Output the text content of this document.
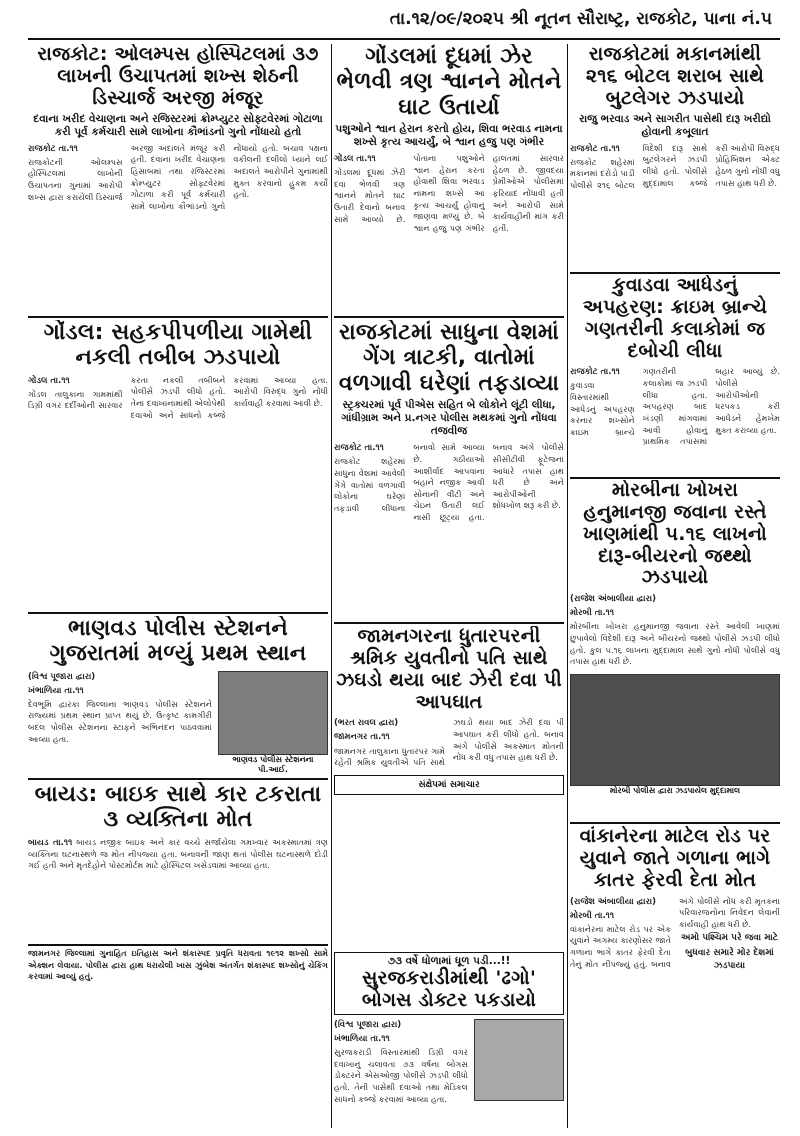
તા.૧૨/૦૯/૨૦૨૫ શ્રી નૂતન સૌરાષ્ટ્ર, રાજકોટ, પાના નં.૫
રાજકોટ: ઓલમ્પસ હોસ્પિટલમાં ૩૭ લાખની ઉચાપતમાં શખ્સ શેઠની ડિસ્ચાર્જ અરજી મંજૂર
દવાના ખરીદ વેચાણના અને રજિસ્ટરમાં ક્રોમ્પ્યુટર સોફ્ટવેરમાં ગોટાળા કરી પૂર્વ કર્મચારી સામે લાખોના કૌભાંડનો ગુનો નોંધાયો હતો
રાજકોટ તા.૧૧
રાજકોટની ઓલમ્પસ હોસ્પિટલમાં લાખોની ઉચાપતના ગુનામાં આરોપી શખ્સ દ્વારા કરાયેલી ડિસ્ચાર્જ અરજી અદાલતે મંજૂર કરી હતી. દવાના ખરીદ વેચાણના હિસાબમાં તથા રજિસ્ટરમાં ક્રોમ્પ્યુટર સોફ્ટવેરમાં ગોટાળા કરી પૂર્વ કર્મચારી સામે લાખોના કૌભાંડનો ગુનો નોંધાયો હતો. બચાવ પક્ષના વકીલની દલીલો ધ્યાને લઈ અદાલતે આરોપીને ગુનામાંથી મુક્ત કરવાનો હુકમ કર્યો હતો.
ગોંડલમાં દૂધમાં ઝેર ભેળવી ત્રણ શ્વાનને મોતને ઘાટ ઉતાર્યા
પશુઓને શ્વાન હેરાન કરતો હોય, શિવા ભરવાડ નામના શખ્સે કૃત્ય આચર્યું, બે શ્વાન હજુ પણ ગંભીર
ગોંડલ તા.૧૧
ગોંડલમાં દૂધમાં ઝેરી દવા ભેળવી ત્રણ શ્વાનને મોતને ઘાટ ઉતારી દેવાનો બનાવ સામે આવ્યો છે. પોતાના પશુઓને શ્વાન હેરાન કરતા હોવાથી શિવા ભરવાડ નામના શખ્સે આ કૃત્ય આચર્યું હોવાનું જાણવા મળ્યું છે. બે શ્વાન હજુ પણ ગંભીર હાલતમાં સારવાર હેઠળ છે. જીવદયા પ્રેમીઓએ પોલીસમાં ફરિયાદ નોંધાવી હતી અને આરોપી સામે કાર્યવાહીની માંગ કરી હતી.
રાજકોટમાં મકાનમાંથી ૨૧૬ બોટલ શરાબ સાથે બુટલેગર ઝડપાયો
રાજુ ભરવાડ અને સાગરીત પાસેથી દારૂ ખરીદ્યો હોવાની કબૂલાત
રાજકોટ તા.૧૧
રાજકોટ શહેરમાં મકાનમાં દરોડો પાડી પોલીસે ૨૧૬ બોટલ વિદેશી દારૂ સાથે બુટલેગરને ઝડપી લીધો હતો. પોલીસે મુદ્દામાલ કબ્જે કરી આરોપી વિરુદ્ધ પ્રોહિબિશન એક્ટ હેઠળ ગુનો નોંધી વધુ તપાસ હાથ ધરી છે.
કુવાડવા આધેડનું અપહરણ: ક્રાઇમ બ્રાન્ચે ગણતરીની કલાકોમાં જ દબોચી લીધા
રાજકોટ તા.૧૧
કુવાડવા વિસ્તારમાંથી આધેડનું અપહરણ કરનાર શખ્સોને ક્રાઇમ બ્રાન્ચે ગણતરીની કલાકોમાં જ ઝડપી લીધા હતા. અપહરણ બાદ ખંડણી માંગવામાં આવી હોવાનું પ્રાથમિક તપાસમાં બહાર આવ્યું છે. પોલીસે આરોપીઓની ધરપકડ કરી આધેડને હેમખેમ મુક્ત કરાવ્યા હતા.
ગોંડલ: સહકપીપળીયા ગામેથી નકલી તબીબ ઝડપાયો
ગોંડલ તા.૧૧
ગોંડલ તાલુકાના ગામમાંથી ડિગ્રી વગર દર્દીઓની સારવાર કરતા નકલી તબીબને પોલીસે ઝડપી લીધો હતો. તેના દવાખાનામાંથી એલોપેથી દવાઓ અને સાધનો કબ્જે કરવામાં આવ્યા હતા. આરોપી વિરુદ્ધ ગુનો નોંધી કાર્યવાહી કરવામાં આવી છે.
રાજકોટમાં સાધુના વેશમાં ગેંગ ત્રાટકી, વાતોમાં વળગાવી ઘરેણાં તફડાવ્યા
સ્ટ્રક્ચરમાં પૂર્વ પીએસ સહિત બે લોકોને લૂંટી લીધા, ગાંધીગ્રામ અને પ્ર.નગર પોલીસ મથકમાં ગુનો નોંધવા તજવીજ
રાજકોટ તા.૧૧
રાજકોટ શહેરમાં સાધુના વેશમાં આવેલી ગેંગે વાતોમાં વળગાવી લોકોના ઘરેણાં તફડાવી લીધાના બનાવો સામે આવ્યા છે. ગઠીયાઓ આશીર્વાદ આપવાના બહાને નજીક આવી સોનાની વીંટી અને ચેઇન ઉતારી લઈ નાસી છૂટ્યા હતા. બનાવ અંગે પોલીસે સીસીટીવી ફૂટેજના આધારે તપાસ હાથ ધરી છે અને આરોપીઓની શોધખોળ શરૂ કરી છે.
મોરબીના ખોખરા હનુમાનજી જવાના રસ્તે ખાણમાંથી ૫.૧૬ લાખનો દારૂ-બીયરનો જથ્થો ઝડપાયો
(રાજેશ અંબાલીયા દ્વારા)
મોરબી તા.૧૧
મોરબીના ખોખરા હનુમાનજી જવાના રસ્તે આવેલી ખાણમાં છુપાવેલો વિદેશી દારૂ અને બીયરનો જથ્થો પોલીસે ઝડપી લીધો હતો. કુલ ૫.૧૬ લાખના મુદ્દામાલ સાથે ગુનો નોંધી પોલીસે વધુ તપાસ હાથ ધરી છે.
મોરબી પોલીસ દ્વારા ઝડપાયેલ મુદ્દામાલ
ભાણવડ પોલીસ સ્ટેશનને ગુજરાતમાં મળ્યું પ્રથમ સ્થાન
(વિશ્વ પૂજારા દ્વારા)
ખંભાળિયા તા.૧૧
દેવભૂમિ દ્વારકા જિલ્લાના ભાણવડ પોલીસ સ્ટેશનને રાજ્યમાં પ્રથમ સ્થાન પ્રાપ્ત થયું છે. ઉત્કૃષ્ટ કામગીરી બદલ પોલીસ સ્ટેશનના સ્ટાફને અભિનંદન પાઠવવામાં આવ્યા હતા.
ભાણવડ પોલીસ સ્ટેશનના પી.આઈ.
બાયડ: બાઇક સાથે કાર ટકરાતા ૩ વ્યક્તિના મોત
બાયડ તા.૧૧ બાયડ નજીક બાઇક અને કાર વચ્ચે સર્જાયેલા ગમખ્વાર અકસ્માતમાં ત્રણ વ્યક્તિના ઘટનાસ્થળે જ મોત નીપજ્યા હતા. બનાવની જાણ થતાં પોલીસ ઘટનાસ્થળે દોડી ગઈ હતી અને મૃતદેહોને પોસ્ટમોર્ટમ માટે હોસ્પિટલ ખસેડવામાં આવ્યા હતા.
જામનગર જિલ્લામાં ગુનાહિત ઇતિહાસ અને શંકાસ્પદ પ્રવૃતિ ધરાવતા ૧૯૧૨ શખ્સો સામે એક્શન લેવાયા. પોલીસ દ્વારા હાથ ધરાયેલી ખાસ ઝુંબેશ અંતર્ગત શંકાસ્પદ શખ્સોનું ચેકિંગ કરવામાં આવ્યું હતું.
જામનગરના ધુતારપરની શ્રમિક યુવતીનો પતિ સાથે ઝઘડો થયા બાદ ઝેરી દવા પી આપઘાત
(ભરત રાવલ દ્વારા)
જામનગર તા.૧૧
જામનગર તાલુકાના ધુતારપર ગામે રહેતી શ્રમિક યુવતીએ પતિ સાથે ઝઘડો થયા બાદ ઝેરી દવા પી આપઘાત કરી લીધો હતો. બનાવ અંગે પોલીસે અકસ્માત મોતની નોંધ કરી વધુ તપાસ હાથ ધરી છે.
સંક્ષેપમાં સમાચાર
૭૩ વર્ષે ધોળામાં ધૂળ પડી...!!
સુરજકરાડીમાંથી 'ઢગો' બોગસ ડોક્ટર પકડાયો
(વિશ્વ પૂજારા દ્વારા)
ખંભાળિયા તા.૧૧
સુરજકરાડી વિસ્તારમાંથી ડિગ્રી વગર દવાખાનું ચલાવતા ૭૩ વર્ષના બોગસ ડોક્ટરને એસઓજી પોલીસે ઝડપી લીધો હતો. તેની પાસેથી દવાઓ તથા મેડિકલ સાધનો કબ્જે કરવામાં આવ્યા હતા.
વાંકાનેરના માટેલ રોડ પર યુવાને જાતે ગળાના ભાગે કાતર ફેરવી દેતા મોત
(રાજેશ અંબાલીયા દ્વારા)
મોરબી તા.૧૧
વાંકાનેરના માટેલ રોડ પર એક યુવાને અગમ્ય કારણોસર જાતે ગળાના ભાગે કાતર ફેરવી દેતા તેનું મોત નીપજ્યું હતું. બનાવ અંગે પોલીસે નોંધ કરી મૃતકના પરિવારજનોના નિવેદન લેવાની કાર્યવાહી હાથ ધરી છે.
અમો પશ્ચિમ પરે જવા માટે
બુધવાર સમારે મોર દેશમાં ઝડપાયા
